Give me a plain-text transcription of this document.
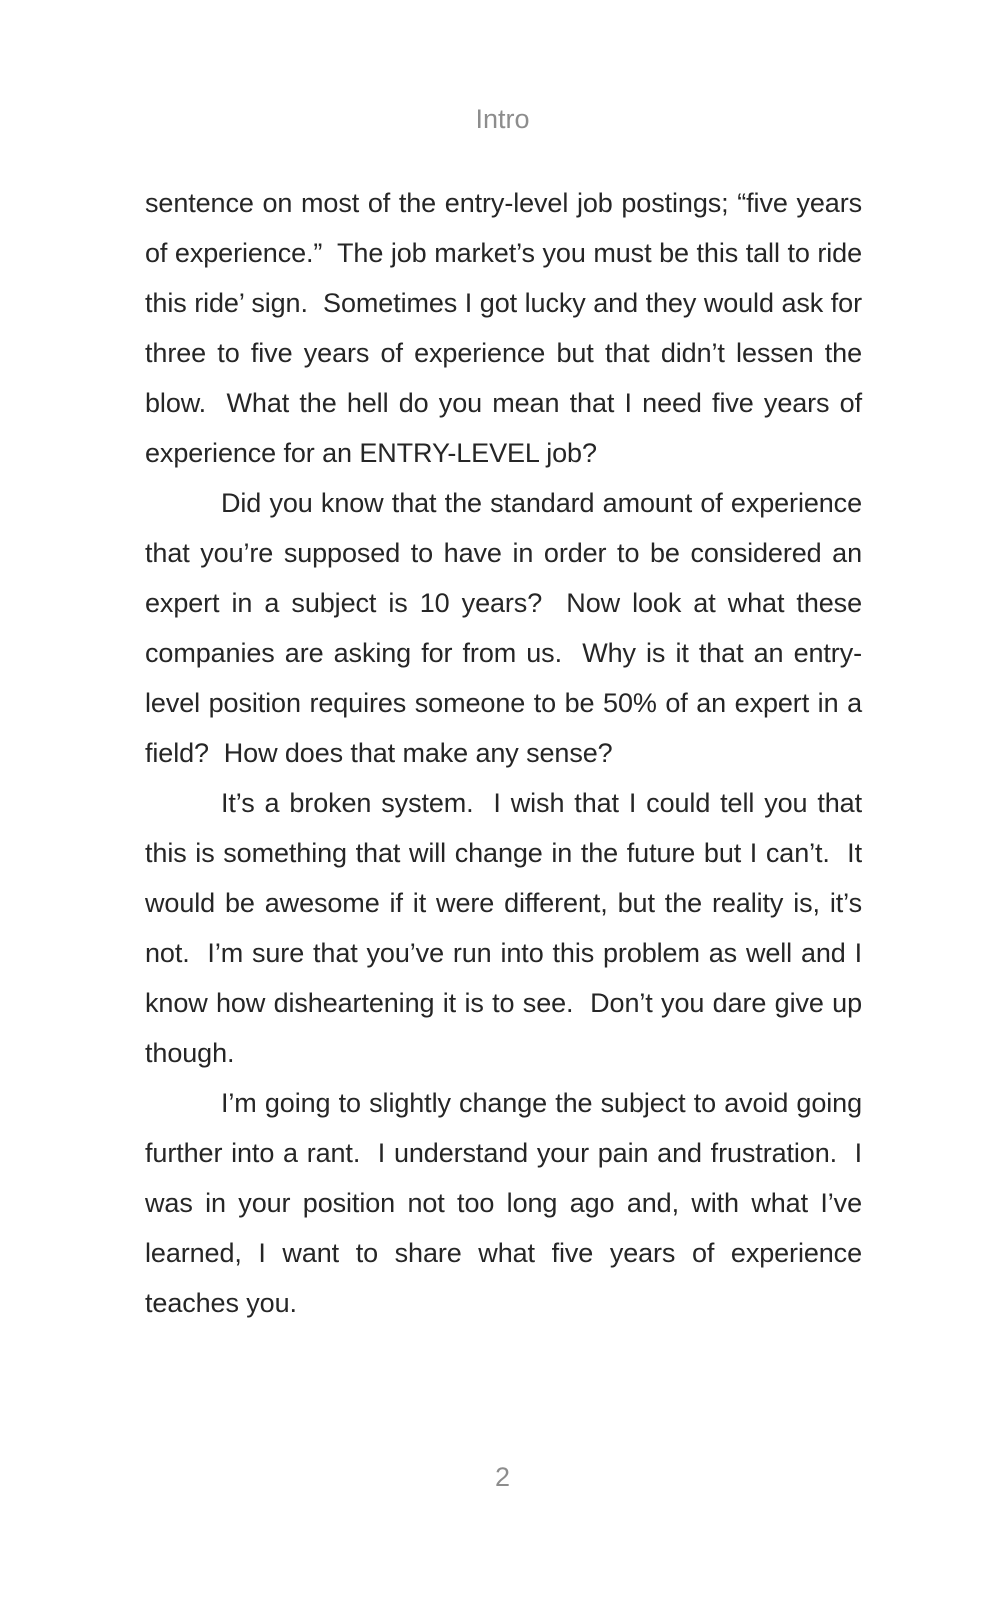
Intro

sentence on most of the entry-level job postings; “five years of experience.”  The job market’s you must be this tall to ride this ride’ sign.  Sometimes I got lucky and they would ask for three to five years of experience but that didn’t lessen the blow.  What the hell do you mean that I need five years of experience for an ENTRY-LEVEL job?

Did you know that the standard amount of experience that you’re supposed to have in order to be considered an expert in a subject is 10 years?  Now look at what these companies are asking for from us.  Why is it that an entry-level position requires someone to be 50% of an expert in a field?  How does that make any sense?

It’s a broken system.  I wish that I could tell you that this is something that will change in the future but I can’t.  It would be awesome if it were different, but the reality is, it’s not.  I’m sure that you’ve run into this problem as well and I know how disheartening it is to see.  Don’t you dare give up though.

I’m going to slightly change the subject to avoid going further into a rant.  I understand your pain and frustration.  I was in your position not too long ago and, with what I’ve learned, I want to share what five years of experience teaches you.

2
